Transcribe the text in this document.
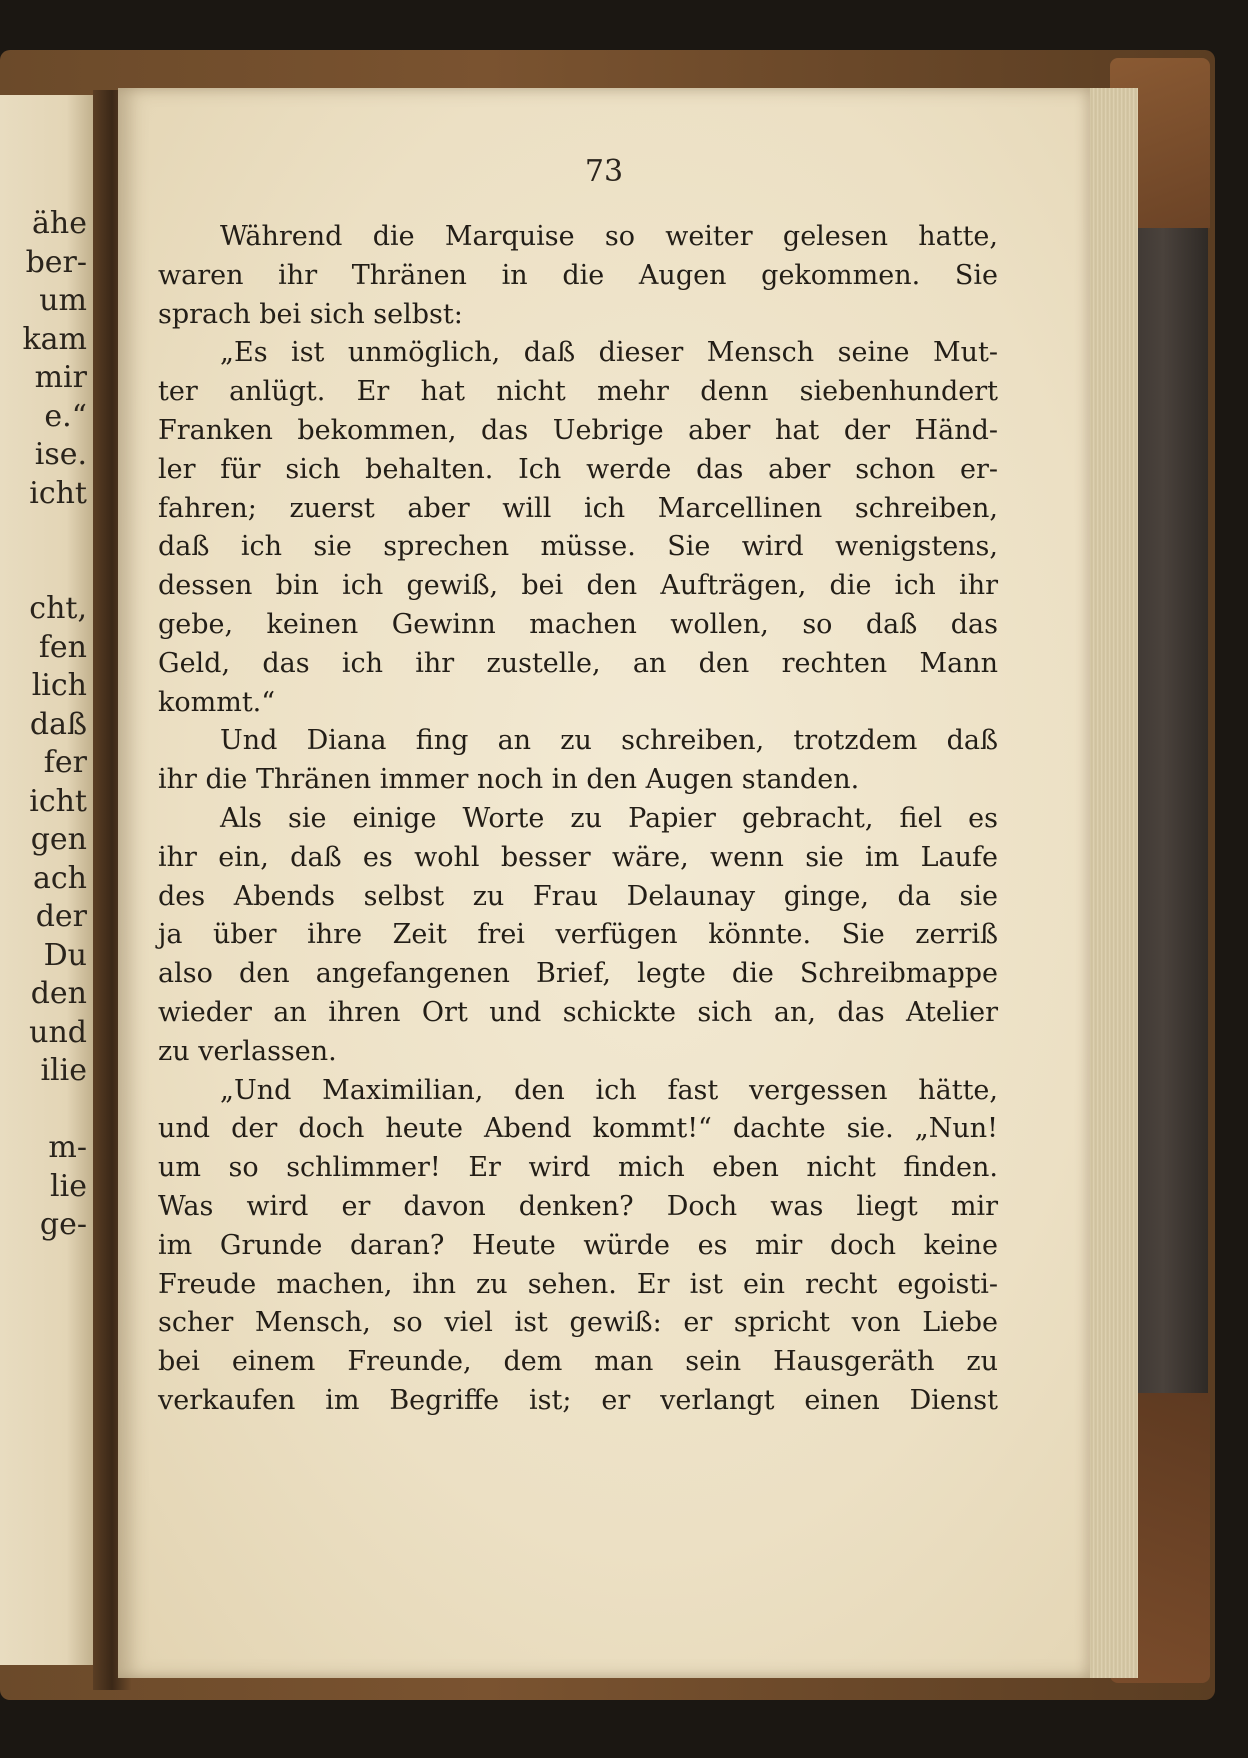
ähe
ber-
um
kam
mir
e.“
ise.
icht
cht,
fen
lich
daß
fer
icht
gen
ach
der
Du
den
und
ilie
m-
lie
ge-
73
Während die Marquise so weiter gelesen hatte,
waren ihr Thränen in die Augen gekommen. Sie
sprach bei sich selbst:
„Es ist unmöglich, daß dieser Mensch seine Mut-
ter anlügt. Er hat nicht mehr denn siebenhundert
Franken bekommen, das Uebrige aber hat der Händ-
ler für sich behalten. Ich werde das aber schon er-
fahren; zuerst aber will ich Marcellinen schreiben,
daß ich sie sprechen müsse. Sie wird wenigstens,
dessen bin ich gewiß, bei den Aufträgen, die ich ihr
gebe, keinen Gewinn machen wollen, so daß das
Geld, das ich ihr zustelle, an den rechten Mann
kommt.“
Und Diana fing an zu schreiben, trotzdem daß
ihr die Thränen immer noch in den Augen standen.
Als sie einige Worte zu Papier gebracht, fiel es
ihr ein, daß es wohl besser wäre, wenn sie im Laufe
des Abends selbst zu Frau Delaunay ginge, da sie
ja über ihre Zeit frei verfügen könnte. Sie zerriß
also den angefangenen Brief, legte die Schreibmappe
wieder an ihren Ort und schickte sich an, das Atelier
zu verlassen.
„Und Maximilian, den ich fast vergessen hätte,
und der doch heute Abend kommt!“ dachte sie. „Nun!
um so schlimmer! Er wird mich eben nicht finden.
Was wird er davon denken? Doch was liegt mir
im Grunde daran? Heute würde es mir doch keine
Freude machen, ihn zu sehen. Er ist ein recht egoisti-
scher Mensch, so viel ist gewiß: er spricht von Liebe
bei einem Freunde, dem man sein Hausgeräth zu
verkaufen im Begriffe ist; er verlangt einen Dienst
